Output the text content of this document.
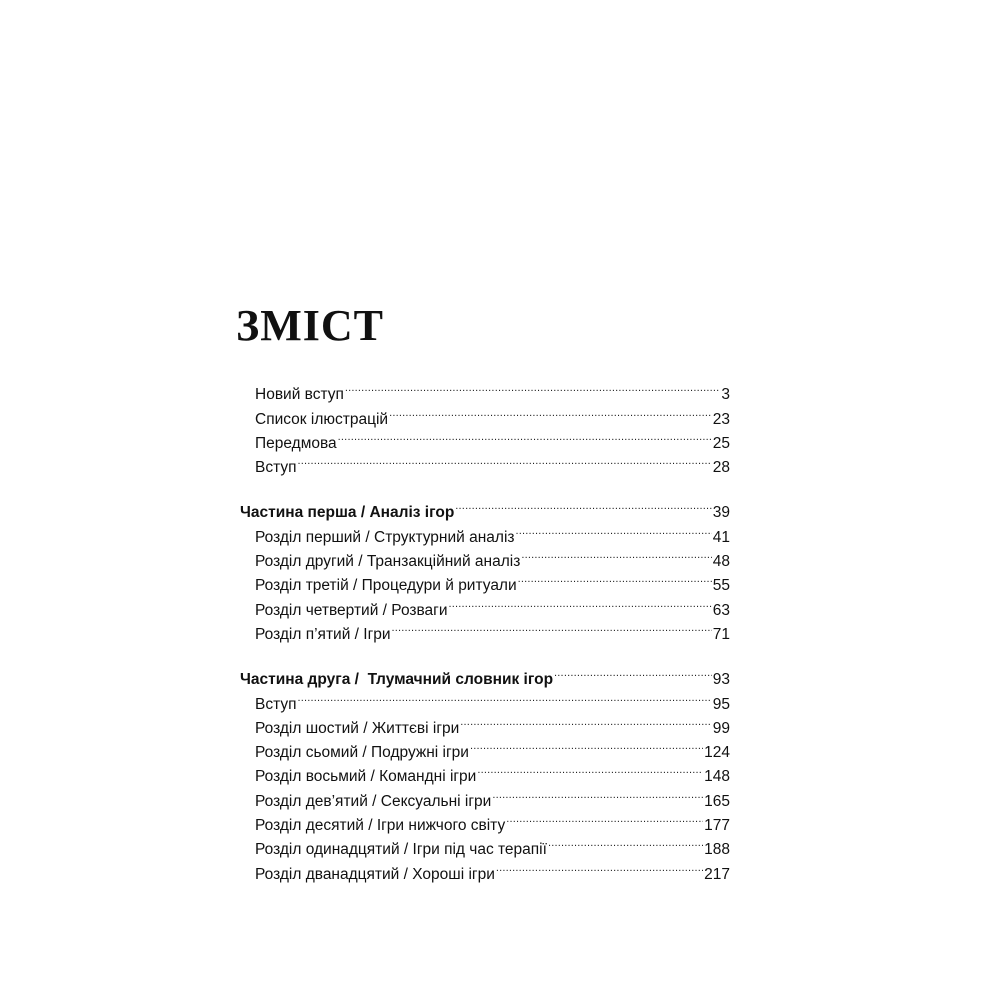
ЗМІСТ
Новий вступ .....	3
Список ілюстрацій .....	23
Передмова .....	25
Вступ .....	28
Частина перша / Аналіз ігор .....	39
Розділ перший / Структурний аналіз .....	41
Розділ другий / Транзакційний аналіз .....	48
Розділ третій / Процедури й ритуали .....	55
Розділ четвертий / Розваги .....	63
Розділ п’ятий / Ігри .....	71
Частина друга /  Тлумачний словник ігор .....	93
Вступ .....	95
Розділ шостий / Життєві ігри .....	99
Розділ сьомий / Подружні ігри .....	124
Розділ восьмий / Командні ігри .....	148
Розділ дев’ятий / Сексуальні ігри .....	165
Розділ десятий / Ігри нижчого світу .....	177
Розділ одинадцятий / Ігри під час терапії .....	188
Розділ дванадцятий / Хороші ігри .....	217
